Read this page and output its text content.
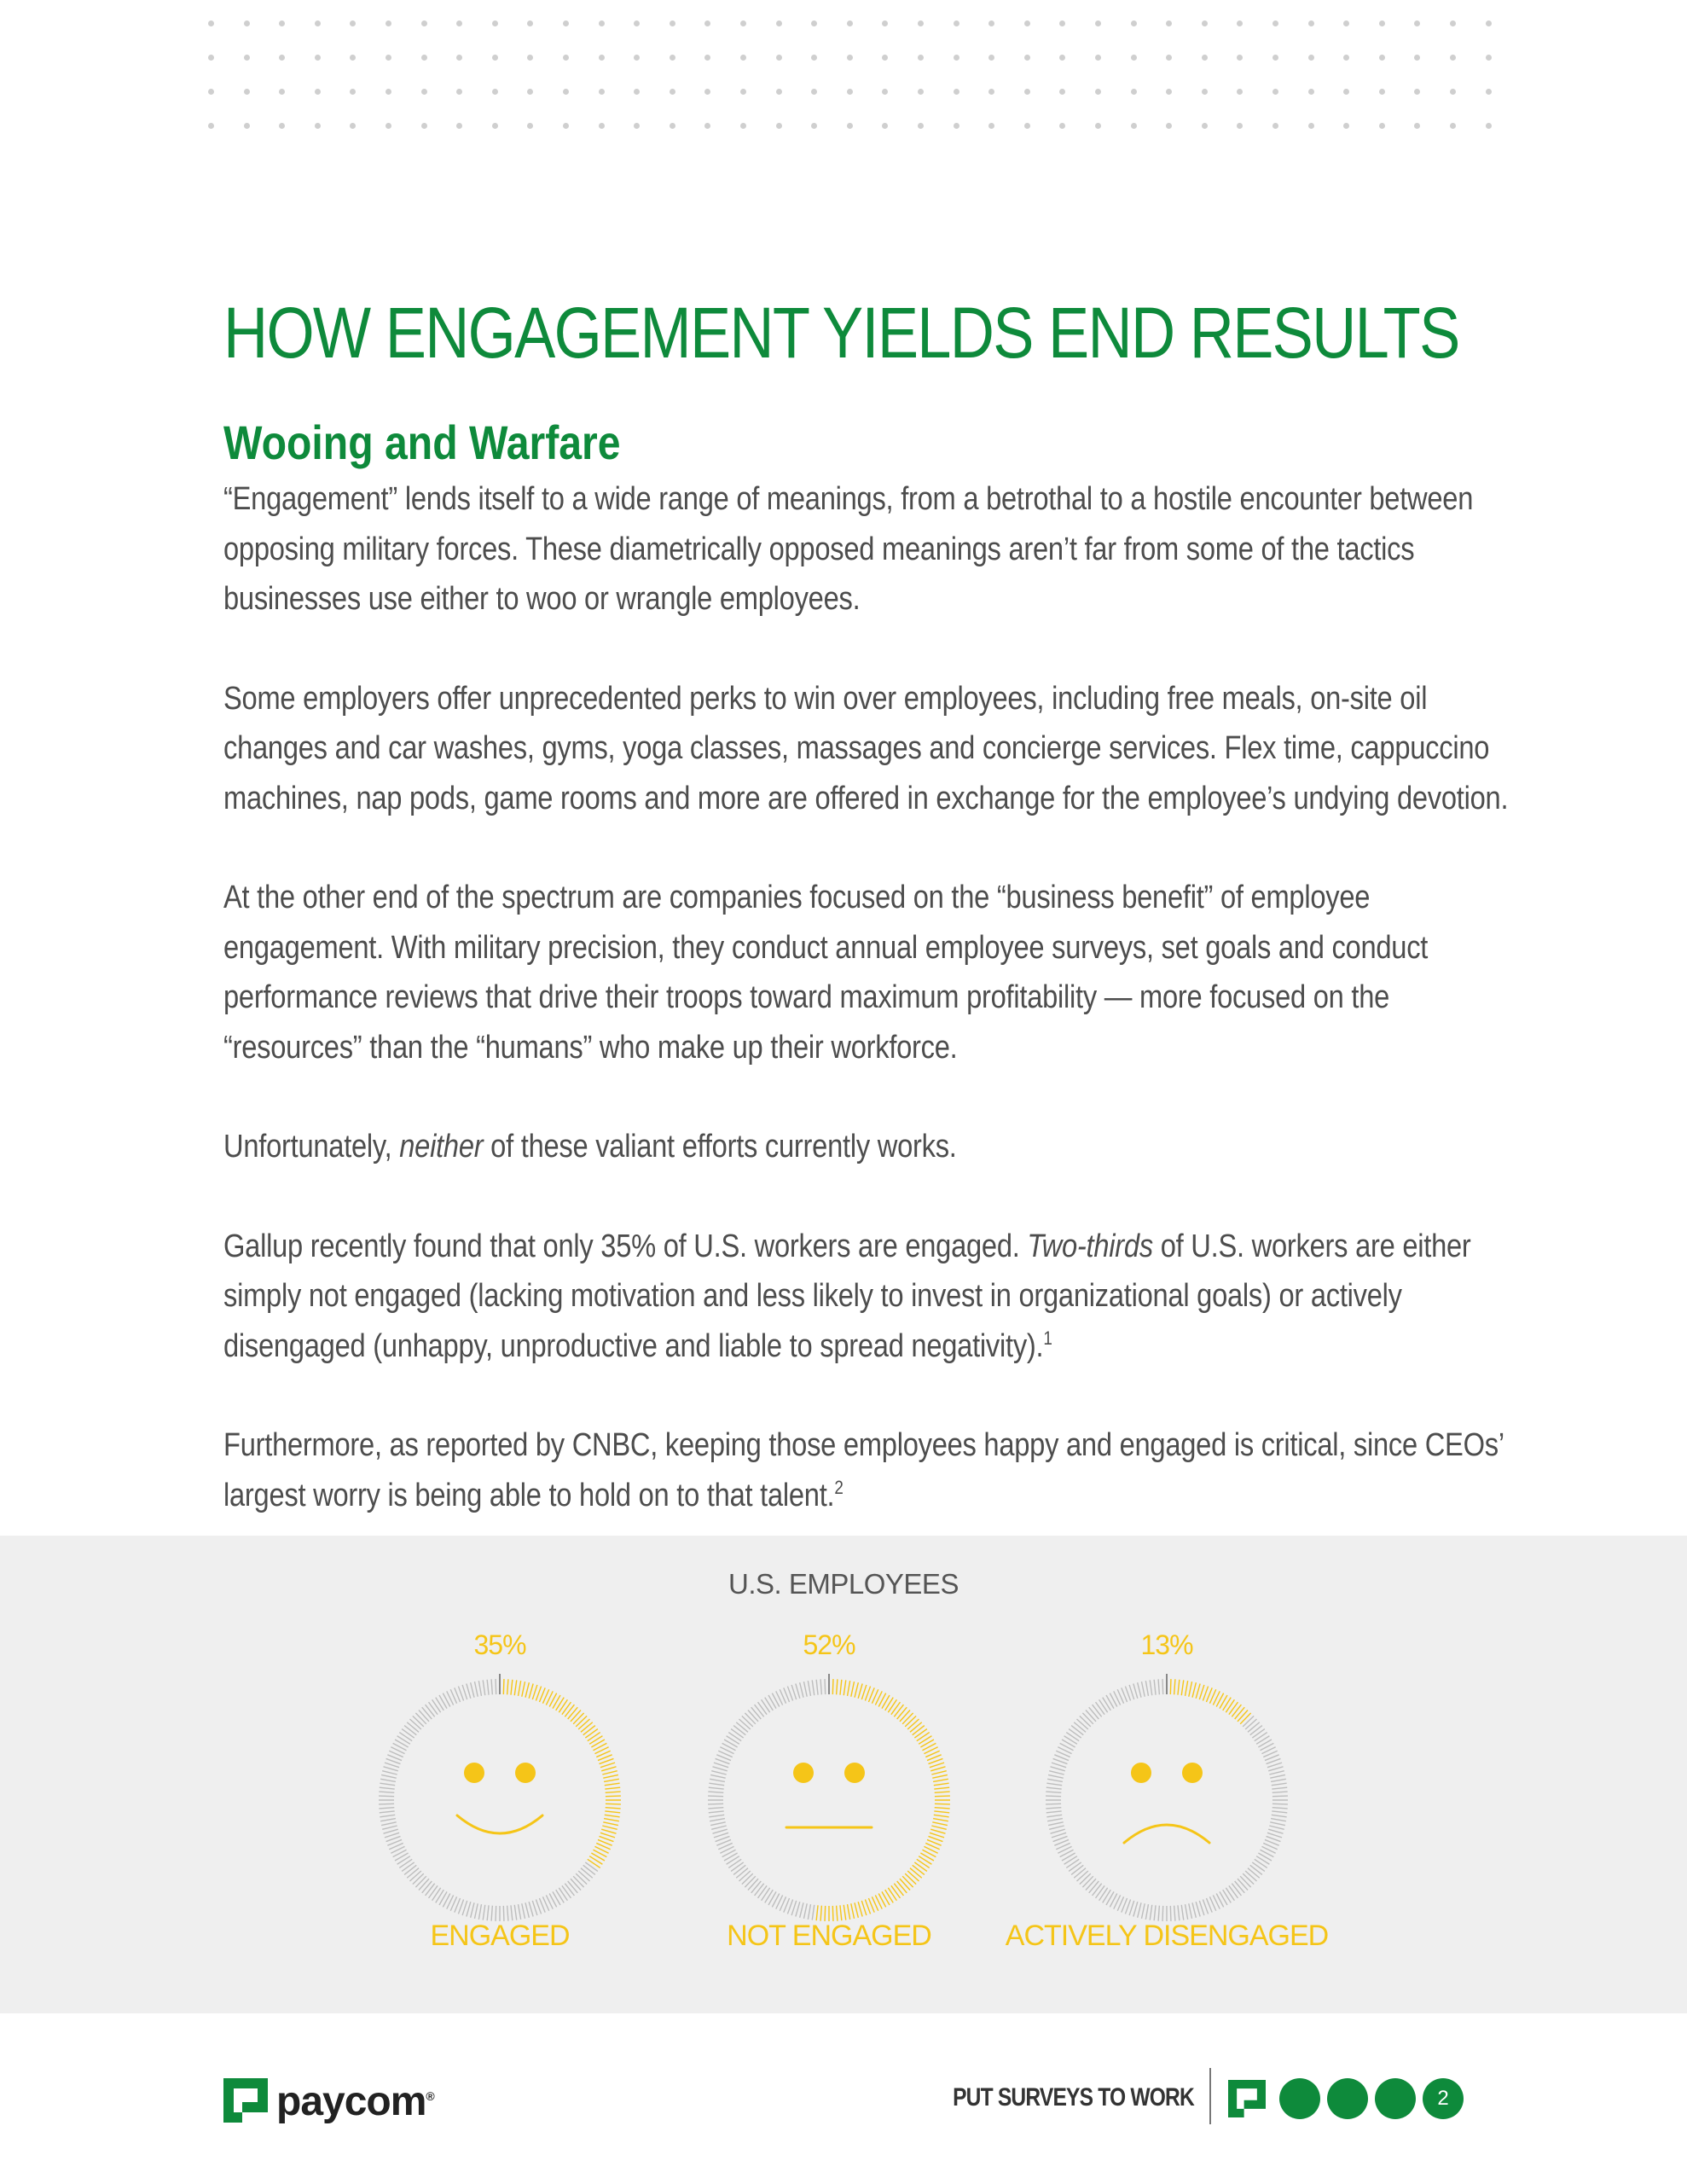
HOW ENGAGEMENT YIELDS END RESULTS
Wooing and Warfare

“Engagement” lends itself to a wide range of meanings, from a betrothal to a hostile encounter between opposing military forces. These diametrically opposed meanings aren’t far from some of the tactics businesses use either to woo or wrangle employees.

Some employers offer unprecedented perks to win over employees, including free meals, on-site oil changes and car washes, gyms, yoga classes, massages and concierge services. Flex time, cappuccino machines, nap pods, game rooms and more are offered in exchange for the employee’s undying devotion.

At the other end of the spectrum are companies focused on the “business benefit” of employee engagement. With military precision, they conduct annual employee surveys, set goals and conduct performance reviews that drive their troops toward maximum profitability — more focused on the “resources” than the “humans” who make up their workforce.

Unfortunately, neither of these valiant efforts currently works.

Gallup recently found that only 35% of U.S. workers are engaged. Two-thirds of U.S. workers are either simply not engaged (lacking motivation and less likely to invest in organizational goals) or actively disengaged (unhappy, unproductive and liable to spread negativity).$^1$

Furthermore, as reported by CNBC, keeping those employees happy and engaged is critical, since CEOs’ largest worry is being able to hold on to that talent.$^2$

U.S. EMPLOYEES
35%
ENGAGED
52%
NOT ENGAGED
13%
ACTIVELY DISENGAGED
paycom®	PUT SURVEYS TO WORK	2
